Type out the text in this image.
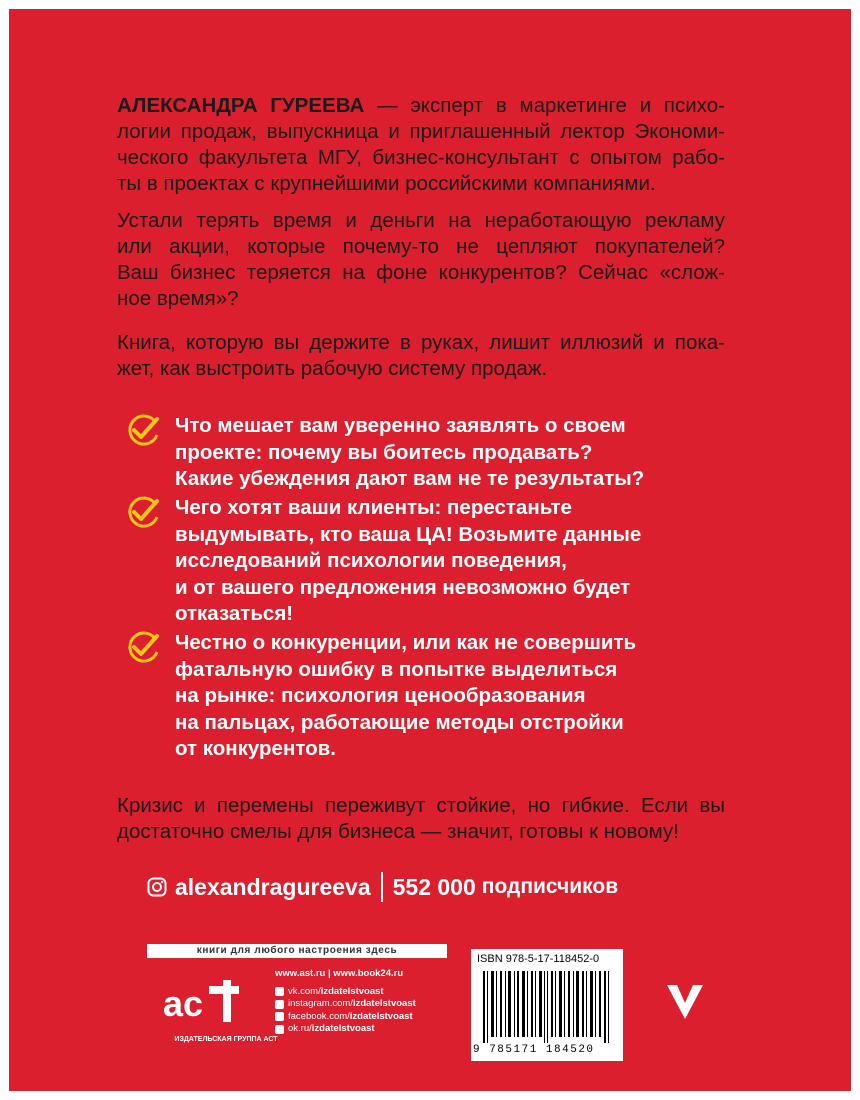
АЛЕКСАНДРА ГУРЕЕВА — эксперт в маркетинге и психо-
логии продаж, выпускница и приглашенный лектор Экономи-
ческого факультета МГУ, бизнес-консультант с опытом рабо-
ты в проектах с крупнейшими российскими компаниями.
Устали терять время и деньги на неработающую рекламу
или акции, которые почему-то не цепляют покупателей?
Ваш бизнес теряется на фоне конкурентов? Сейчас «слож-
ное время»?
Книга, которую вы держите в руках, лишит иллюзий и пока-
жет, как выстроить рабочую систему продаж.
Что мешает вам уверенно заявлять о своем
проекте: почему вы боитесь продавать?
Какие убеждения дают вам не те результаты?
Чего хотят ваши клиенты: перестаньте
выдумывать, кто ваша ЦА! Возьмите данные
исследований психологии поведения,
и от вашего предложения невозможно будет
отказаться!
Честно о конкуренции, или как не совершить
фатальную ошибку в попытке выделиться
на рынке: психология ценообразования
на пальцах, работающие методы отстройки
от конкурентов.
Кризис и перемены переживут стойкие, но гибкие. Если вы
достаточно смелы для бизнеса — значит, готовы к новому!
alexandragureeva 552 000 подписчиков
книги для любого настроения здесь
ac
ИЗДАТЕЛЬСКАЯ ГРУППА АСТ
www.ast.ru | www.book24.ru
vk.com/ izdatelstvoast
instagram.com/ izdatelstvoast
facebook.com/ izdatelstvoast
ok.ru/ izdatelstvoast
ISBN 978-5-17-118452-0
9 785171 184520
